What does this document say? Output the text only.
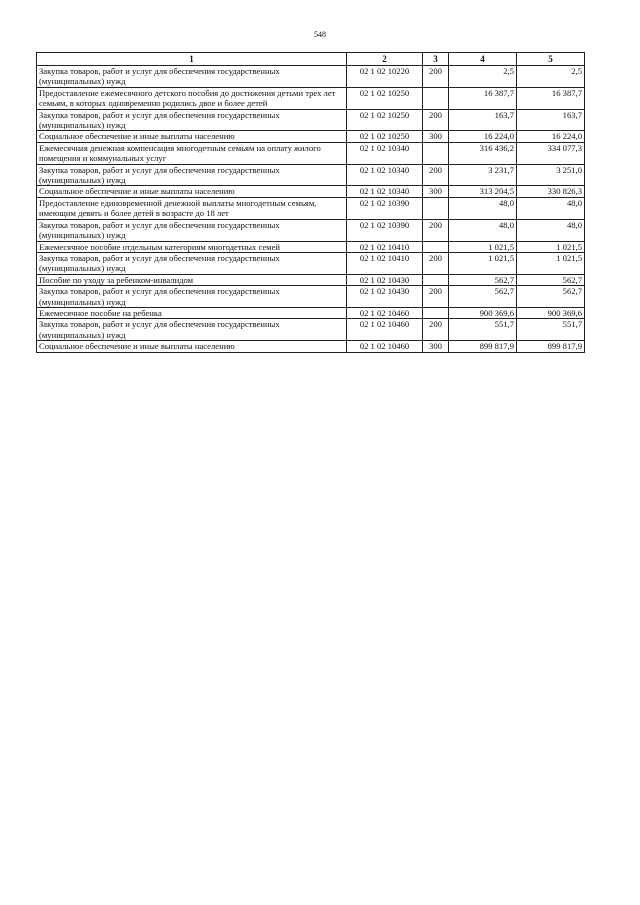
548
1	2	3	4	5
Закупка товаров, работ и услуг для обеспечения государственных (муниципальных) нужд	02 1 02 10220	200	2,5	2,5
Предоставление ежемесячного детского пособия до достижения детьми трех лет семьям, в которых одновременно родились двое и более детей	02 1 02 10250		16 387,7	16 387,7
Закупка товаров, работ и услуг для обеспечения государственных (муниципальных) нужд	02 1 02 10250	200	163,7	163,7
Социальное обеспечение и иные выплаты населению	02 1 02 10250	300	16 224,0	16 224,0
Ежемесячная денежная компенсация многодетным семьям на оплату жилого помещения и коммунальных услуг	02 1 02 10340		316 436,2	334 077,3
Закупка товаров, работ и услуг для обеспечения государственных (муниципальных) нужд	02 1 02 10340	200	3 231,7	3 251,0
Социальное обеспечение и иные выплаты населению	02 1 02 10340	300	313 204,5	330 826,3
Предоставление единовременной денежной выплаты многодетным семьям, имеющим девять и более детей в возрасте до 18 лет	02 1 02 10390		48,0	48,0
Закупка товаров, работ и услуг для обеспечения государственных (муниципальных) нужд	02 1 02 10390	200	48,0	48,0
Ежемесячное пособие отдельным категориям многодетных семей	02 1 02 10410		1 021,5	1 021,5
Закупка товаров, работ и услуг для обеспечения государственных (муниципальных) нужд	02 1 02 10410	200	1 021,5	1 021,5
Пособие по уходу за ребенком-инвалидом	02 1 02 10430		562,7	562,7
Закупка товаров, работ и услуг для обеспечения государственных (муниципальных) нужд	02 1 02 10430	200	562,7	562,7
Ежемесячное пособие на ребенка	02 1 02 10460		900 369,6	900 369,6
Закупка товаров, работ и услуг для обеспечения государственных (муниципальных) нужд	02 1 02 10460	200	551,7	551,7
Социальное обеспечение и иные выплаты населению	02 1 02 10460	300	899 817,9	899 817,9
